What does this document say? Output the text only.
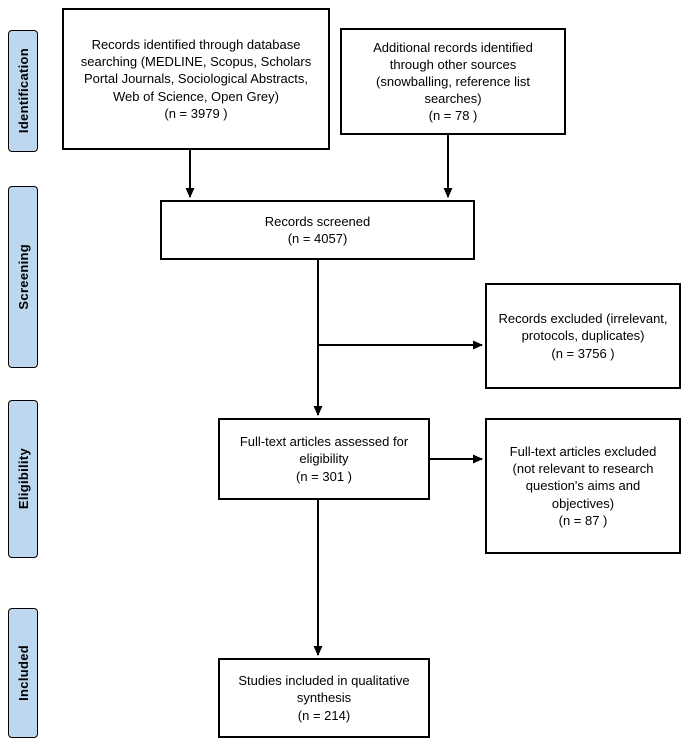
Identification
Screening
Eligibility
Included
Records identified through database searching (MEDLINE, Scopus, Scholars Portal Journals, Sociological Abstracts, Web of Science, Open Grey)
(n = 3979 )
Additional records identified through other sources (snowballing, reference list searches)
(n = 78 )
Records screened
(n = 4057)
Records excluded (irrelevant, protocols, duplicates)
(n = 3756 )
Full-text articles assessed for eligibility
(n = 301 )
Full-text articles excluded (not relevant to research question's aims and objectives)
(n = 87 )
Studies included in qualitative synthesis
(n = 214)
